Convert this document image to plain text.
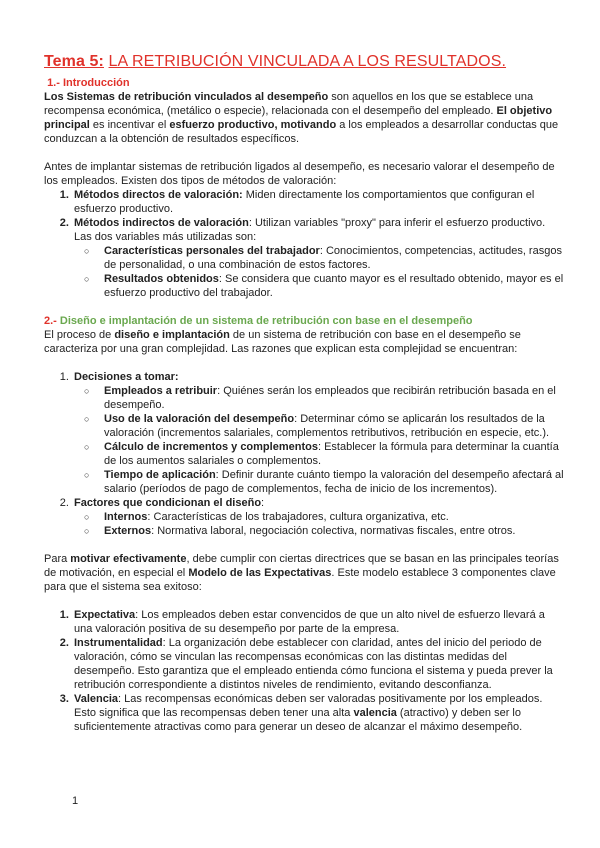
Tema 5: LA RETRIBUCIÓN VINCULADA A LOS RESULTADOS.
1.- Introducción

Los Sistemas de retribución vinculados al desempeño son aquellos en los que se establece una recompensa económica, (metálico o especie), relacionada con el desempeño del empleado. El objetivo principal es incentivar el esfuerzo productivo, motivando a los empleados a desarrollar conductas que conduzcan a la obtención de resultados específicos.

Antes de implantar sistemas de retribución ligados al desempeño, es necesario valorar el desempeño de los empleados. Existen dos tipos de métodos de valoración:

1. Métodos directos de valoración: Miden directamente los comportamientos que configuran el esfuerzo productivo.
2. Métodos indirectos de valoración: Utilizan variables "proxy" para inferir el esfuerzo productivo. Las dos variables más utilizadas son:
○ Características personales del trabajador: Conocimientos, competencias, actitudes, rasgos de personalidad, o una combinación de estos factores.
○ Resultados obtenidos: Se considera que cuanto mayor es el resultado obtenido, mayor es el esfuerzo productivo del trabajador.
2.- Diseño e implantación de un sistema de retribución con base en el desempeño

El proceso de diseño e implantación de un sistema de retribución con base en el desempeño se caracteriza por una gran complejidad. Las razones que explican esta complejidad se encuentran:

1. Decisiones a tomar:
○ Empleados a retribuir: Quiénes serán los empleados que recibirán retribución basada en el desempeño.
○ Uso de la valoración del desempeño: Determinar cómo se aplicarán los resultados de la valoración (incrementos salariales, complementos retributivos, retribución en especie, etc.).
○ Cálculo de incrementos y complementos: Establecer la fórmula para determinar la cuantía de los aumentos salariales o complementos.
○ Tiempo de aplicación: Definir durante cuánto tiempo la valoración del desempeño afectará al salario (períodos de pago de complementos, fecha de inicio de los incrementos).
2. Factores que condicionan el diseño:
○ Internos: Características de los trabajadores, cultura organizativa, etc.
○ Externos: Normativa laboral, negociación colectiva, normativas fiscales, entre otros.

Para motivar efectivamente, debe cumplir con ciertas directrices que se basan en las principales teorías de motivación, en especial el Modelo de las Expectativas. Este modelo establece 3 componentes clave para que el sistema sea exitoso:

1. Expectativa: Los empleados deben estar convencidos de que un alto nivel de esfuerzo llevará a una valoración positiva de su desempeño por parte de la empresa.
2. Instrumentalidad: La organización debe establecer con claridad, antes del inicio del periodo de valoración, cómo se vinculan las recompensas económicas con las distintas medidas del desempeño. Esto garantiza que el empleado entienda cómo funciona el sistema y pueda prever la retribución correspondiente a distintos niveles de rendimiento, evitando desconfianza.
3. Valencia: Las recompensas económicas deben ser valoradas positivamente por los empleados. Esto significa que las recompensas deben tener una alta valencia (atractivo) y deben ser lo suficientemente atractivas como para generar un deseo de alcanzar el máximo desempeño.
1
